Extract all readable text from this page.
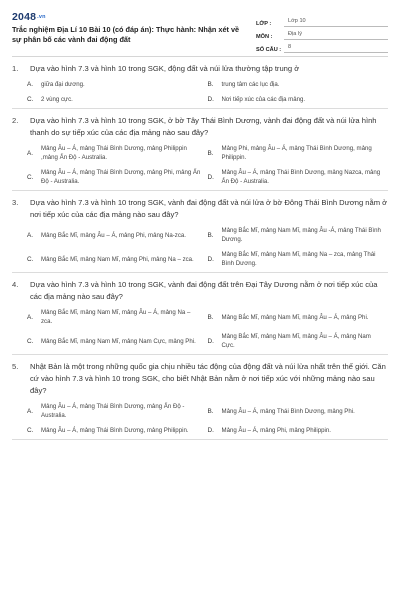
$2048^{.vn}$
Trắc nghiệm Địa Lí 10 Bài 10 (có đáp án): Thực hành: Nhận xét về sự phân bố các vành đai động đất
LỚP :	Lớp 10
MÔN :	Địa lý
SỐ CÂU :	8
1.	Dựa vào hình 7.3 và hình 10 trong SGK, động đất và núi lửa thường tập trung ở
A.	giữa đại dương.	B.	trung tâm các lục địa.
C.	2 vùng cực.	D.	Nơi tiếp xúc của các địa mảng.
2.	Dựa vào hình 7.3 và hình 10 trong SGK, ở bờ Tây Thái Bình Dương, vành đai động đất và núi lửa hình thanh do sự tiếp xúc của các địa mảng nào sau đây?
A.
Mảng Âu – Á, mảng Thái Bình Dương, mảng Philippin ,mảng Ấn Độ - Australia.
B.
Mảng Phi, mảng Âu – Á, mảng Thái Bình Dương, mảng Philippin.
C.
Mảng Âu – Á, mảng Thái Bình Dương, mảng Phi, mảng Ấn Độ - Australia.
D.
Mảng Âu – Á, mảng Thái Bình Dương, mảng Nazca, mảng Ấn Độ - Australia.
3.	Dựa vào hình 7.3 và hình 10 trong SGK, vành đai động đất và núi lửa ở bờ Đông Thái Bình Dương nằm ở nơi tiếp xúc của các địa mảng nào sau đây?
A.	Mảng Bắc Mĩ, mảng Âu – Á, mảng Phi, mảng Na-zca.	B.
Mảng Bắc Mĩ, mảng Nam Mĩ, mảng Âu -Á, mảng Thái Bình Dương.
C.	Mảng Bắc Mĩ, mảng Nam Mĩ, mảng Phi, mảng Na – zca.	D.
Mảng Bắc Mĩ, mảng Nam Mĩ, mảng Na – zca, mảng Thái Bình Dương.
4.	Dựa vào hình 7.3 và hình 10 trong SGK, vành đai động đất trên Đại Tây Dương nằm ở nơi tiếp xúc của các địa mảng nào sau đây?
A.
Mảng Bắc Mĩ, mảng Nam Mĩ, mảng Âu – Á, mảng Na – zca.
B.	Mảng Bắc Mĩ, mảng Nam Mĩ, mảng Âu – Á, mảng Phi.
C.	Mảng Bắc Mĩ, mảng Nam Mĩ, mảng Nam Cực, mảng Phi.	D.
Mảng Bắc Mĩ, mảng Nam Mĩ, mảng Âu – Á, mảng Nam Cực.
5.	Nhật Bản là một trong những quốc gia chịu nhiều tác động của động đất và núi lửa nhất trên thế giới. Căn cứ vào hình 7.3 và hình 10 trong SGK, cho biết Nhật Bản nằm ở nơi tiếp xúc với những mảng nào sau đây?
A.
Mảng Âu – Á, mảng Thái Bình Dương, mảng Ấn Độ - Australia.
B.	Mảng Âu – Á, mảng Thái Bình Dương, mảng Phi.
C.	Mảng Âu – Á, mảng Thái Bình Dương, mảng Philippin.	D.	Mảng Âu – Á, mảng Phi, mảng Philippin.
